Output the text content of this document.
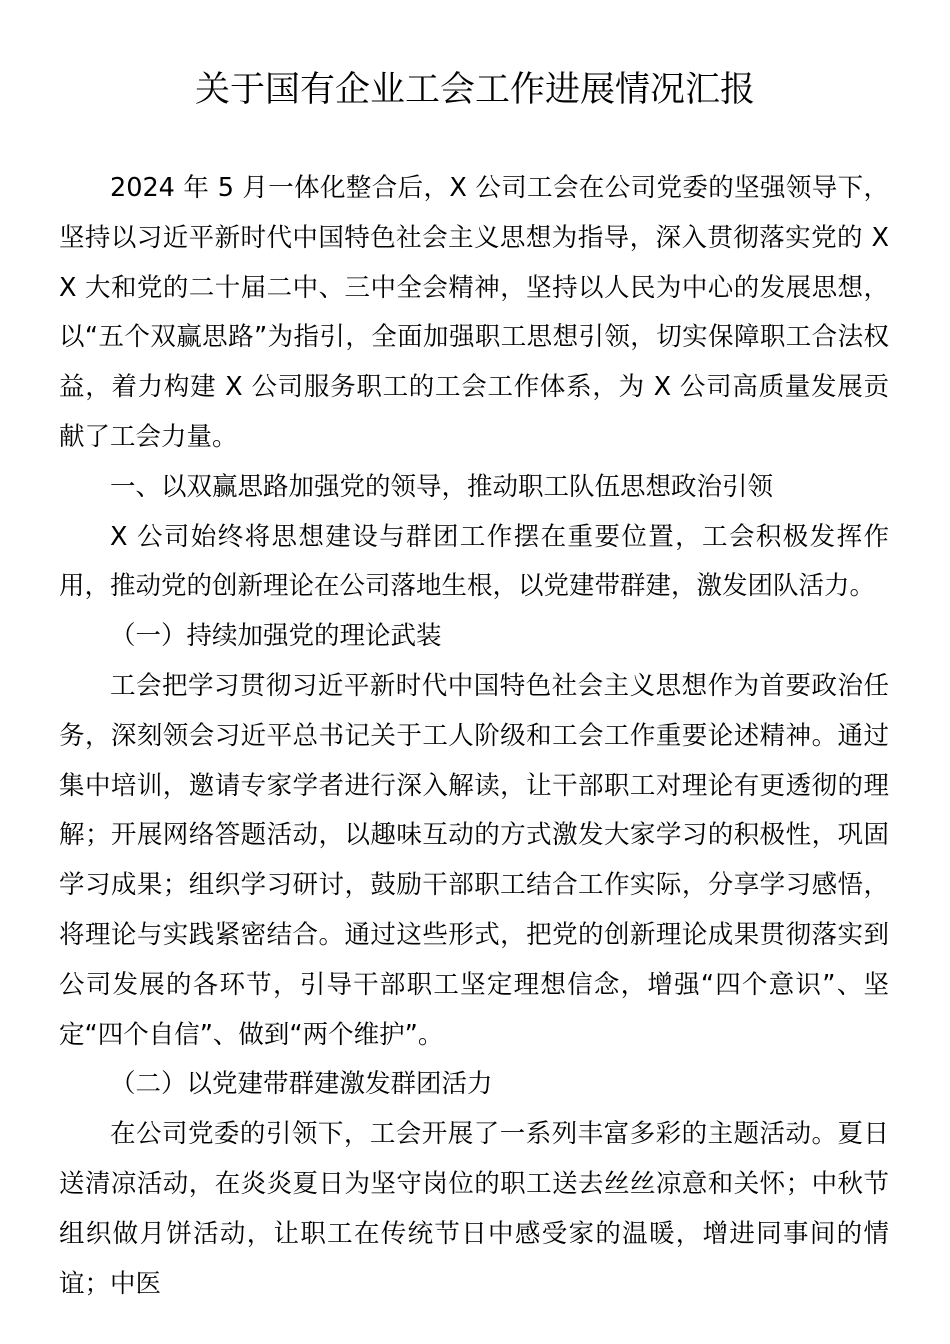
关于国有企业工会工作进展情况汇报

2024 年 5 月一体化整合后，X 公司工会在公司党委的坚强领导下，坚持以习近平新时代中国特色社会主义思想为指导，深入贯彻落实党的 XX 大和党的二十届二中、三中全会精神，坚持以人民为中心的发展思想，以“五个双赢思路”为指引，全面加强职工思想引领，切实保障职工合法权益，着力构建 X 公司服务职工的工会工作体系，为 X 公司高质量发展贡献了工会力量。

一、以双赢思路加强党的领导，推动职工队伍思想政治引领

X 公司始终将思想建设与群团工作摆在重要位置，工会积极发挥作用，推动党的创新理论在公司落地生根，以党建带群建，激发团队活力。

（一）持续加强党的理论武装

工会把学习贯彻习近平新时代中国特色社会主义思想作为首要政治任务，深刻领会习近平总书记关于工人阶级和工会工作重要论述精神。通过集中培训，邀请专家学者进行深入解读，让干部职工对理论有更透彻的理解；开展网络答题活动，以趣味互动的方式激发大家学习的积极性，巩固学习成果；组织学习研讨，鼓励干部职工结合工作实际，分享学习感悟，将理论与实践紧密结合。通过这些形式，把党的创新理论成果贯彻落实到公司发展的各环节，引导干部职工坚定理想信念，增强“四个意识”、坚定“四个自信”、做到“两个维护”。

（二）以党建带群建激发群团活力

在公司党委的引领下，工会开展了一系列丰富多彩的主题活动。夏日送清凉活动，在炎炎夏日为坚守岗位的职工送去丝丝凉意和关怀；中秋节组织做月饼活动，让职工在传统节日中感受家的温暖，增进同事间的情谊；中医
